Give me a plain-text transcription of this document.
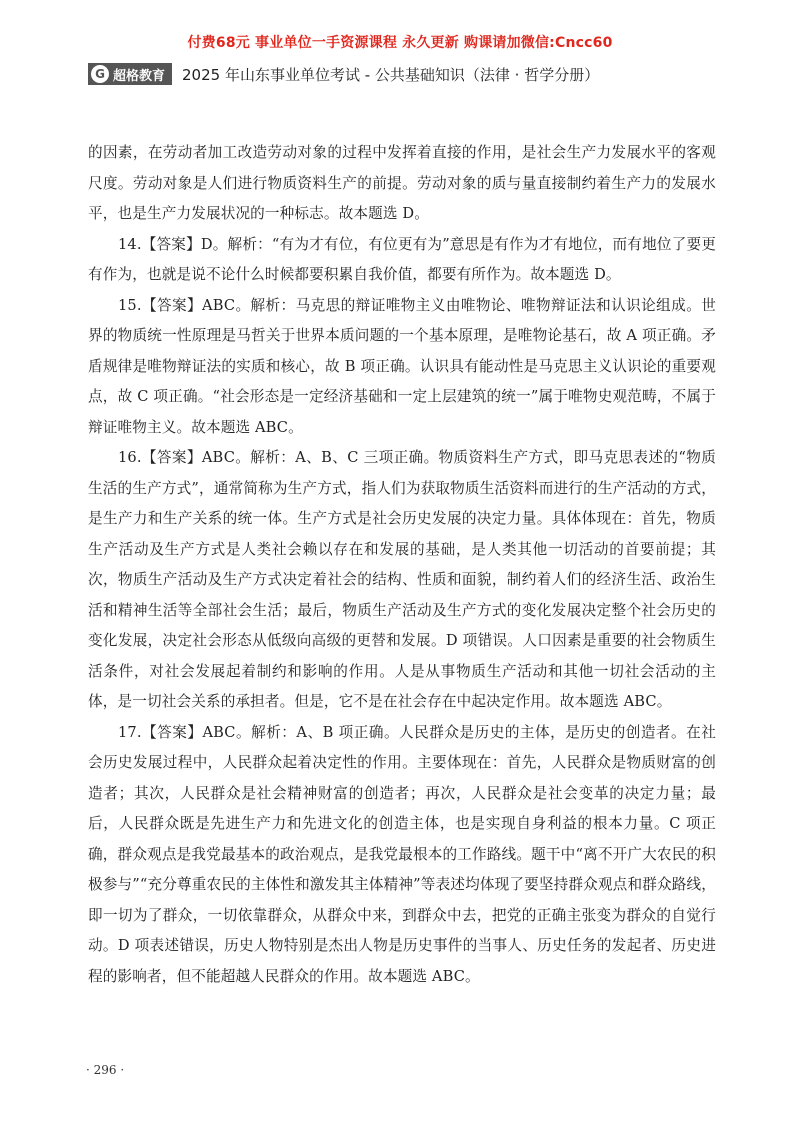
付费68元 事业单位一手资源课程 永久更新 购课请加微信:Cncc60
G 超格教育 2025 年山东事业单位考试 - 公共基础知识（法律 · 哲学分册）

的因素，在劳动者加工改造劳动对象的过程中发挥着直接的作用，是社会生产力发展水平的客观尺度。劳动对象是人们进行物质资料生产的前提。劳动对象的质与量直接制约着生产力的发展水平，也是生产力发展状况的一种标志。故本题选 D。

14.【答案】D。解析：“有为才有位，有位更有为”意思是有作为才有地位，而有地位了要更有作为，也就是说不论什么时候都要积累自我价值，都要有所作为。故本题选 D。

15.【答案】ABC。解析：马克思的辩证唯物主义由唯物论、唯物辩证法和认识论组成。世界的物质统一性原理是马哲关于世界本质问题的一个基本原理，是唯物论基石，故 A 项正确。矛盾规律是唯物辩证法的实质和核心，故 B 项正确。认识具有能动性是马克思主义认识论的重要观点，故 C 项正确。“社会形态是一定经济基础和一定上层建筑的统一”属于唯物史观范畴，不属于辩证唯物主义。故本题选 ABC。

16.【答案】ABC。解析：A、B、C 三项正确。物质资料生产方式，即马克思表述的“物质生活的生产方式”，通常简称为生产方式，指人们为获取物质生活资料而进行的生产活动的方式，是生产力和生产关系的统一体。生产方式是社会历史发展的决定力量。具体体现在：首先，物质生产活动及生产方式是人类社会赖以存在和发展的基础，是人类其他一切活动的首要前提；其次，物质生产活动及生产方式决定着社会的结构、性质和面貌，制约着人们的经济生活、政治生活和精神生活等全部社会生活；最后，物质生产活动及生产方式的变化发展决定整个社会历史的变化发展，决定社会形态从低级向高级的更替和发展。D 项错误。人口因素是重要的社会物质生活条件，对社会发展起着制约和影响的作用。人是从事物质生产活动和其他一切社会活动的主体，是一切社会关系的承担者。但是，它不是在社会存在中起决定作用。故本题选 ABC。

17.【答案】ABC。解析：A、B 项正确。人民群众是历史的主体，是历史的创造者。在社会历史发展过程中，人民群众起着决定性的作用。主要体现在：首先，人民群众是物质财富的创造者；其次，人民群众是社会精神财富的创造者；再次，人民群众是社会变革的决定力量；最后，人民群众既是先进生产力和先进文化的创造主体，也是实现自身利益的根本力量。C 项正确，群众观点是我党最基本的政治观点，是我党最根本的工作路线。题干中“离不开广大农民的积极参与”“充分尊重农民的主体性和激发其主体精神”等表述均体现了要坚持群众观点和群众路线，即一切为了群众，一切依靠群众，从群众中来，到群众中去，把党的正确主张变为群众的自觉行动。D 项表述错误，历史人物特别是杰出人物是历史事件的当事人、历史任务的发起者、历史进程的影响者，但不能超越人民群众的作用。故本题选 ABC。

· 296 ·
